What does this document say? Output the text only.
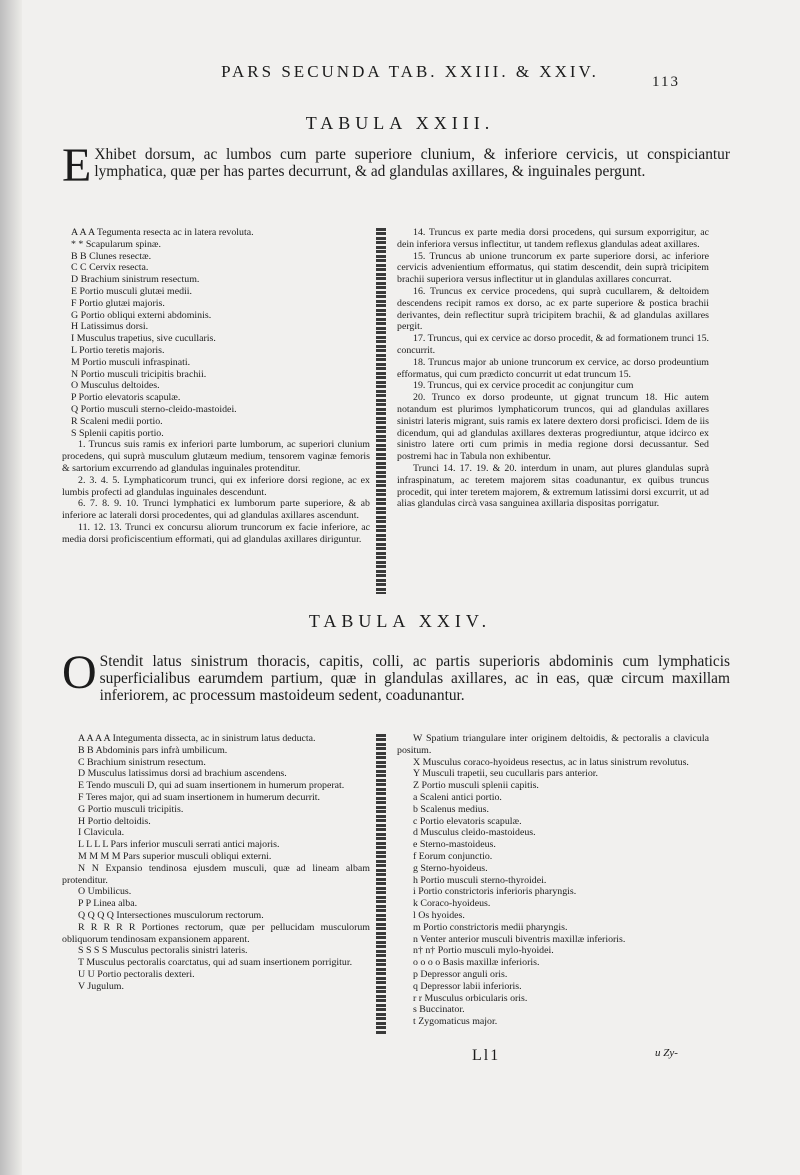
PARS SECUNDA TAB. XXIII. & XXIV.
113
TABULA XXIII.
E Xhibet dorsum, ac lumbos cum parte superiore clunium, & inferiore cervicis, ut conspiciantur lymphatica, quæ per has partes decurrunt, & ad glandulas axillares, & inguinales pergunt.

A A A Tegumenta resecta ac in latera revoluta.

* * Scapularum spinæ.

B B Clunes resectæ.

C C Cervix resecta.

D Brachium sinistrum resectum.

E Portio musculi glutæi medii.

F Portio glutæi majoris.

G Portio obliqui externi abdominis.

H Latissimus dorsi.

I Musculus trapetius, sive cucullaris.

L Portio teretis majoris.

M Portio musculi infraspinati.

N Portio musculi tricipitis brachii.

O Musculus deltoides.

P Portio elevatoris scapulæ.

Q Portio musculi sterno-cleido-mastoidei.

R Scaleni medii portio.

S Splenii capitis portio.

1. Truncus suis ramis ex inferiori parte lumborum, ac superiori clunium procedens, qui suprà musculum glutæum medium, tensorem vaginæ femoris & sartorium excurrendo ad glandulas inguinales protenditur.

2. 3. 4. 5. Lymphaticorum trunci, qui ex inferiore dorsi regione, ac ex lumbis profecti ad glandulas inguinales descendunt.

6. 7. 8. 9. 10. Trunci lymphatici ex lumborum parte superiore, & ab inferiore ac laterali dorsi procedentes, qui ad glandulas axillares ascendunt.

11. 12. 13. Trunci ex concursu aliorum truncorum ex facie inferiore, ac media dorsi proficiscentium efformati, qui ad glandulas axillares diriguntur.

14. Truncus ex parte media dorsi procedens, qui sursum exporrigitur, ac dein inferiora versus inflectitur, ut tandem reflexus glandulas adeat axillares.

15. Truncus ab unione truncorum ex parte superiore dorsi, ac inferiore cervicis advenientium efformatus, qui statim descendit, dein suprà tricipitem brachii superiora versus inflectitur ut in glandulas axillares concurrat.

16. Truncus ex cervice procedens, qui suprà cucullarem, & deltoidem descendens recipit ramos ex dorso, ac ex parte superiore & postica brachii derivantes, dein reflectitur suprà tricipitem brachii, & ad glandulas axillares pergit.

17. Truncus, qui ex cervice ac dorso procedit, & ad formationem trunci 15. concurrit.

18. Truncus major ab unione truncorum ex cervice, ac dorso prodeuntium efformatus, qui cum prædicto concurrit ut edat truncum 15.

19. Truncus, qui ex cervice procedit ac conjungitur cum

20. Trunco ex dorso prodeunte, ut gignat truncum 18. Hic autem notandum est plurimos lymphaticorum truncos, qui ad glandulas axillares sinistri lateris migrant, suis ramis ex latere dextero dorsi proficisci. Idem de iis dicendum, qui ad glandulas axillares dexteras progrediuntur, atque idcirco ex sinistro latere orti cum primis in media regione dorsi decussantur. Sed postremi hac in Tabula non exhibentur.

Trunci 14. 17. 19. & 20. interdum in unam, aut plures glandulas suprà infraspinatum, ac teretem majorem sitas coadunantur, ex quibus truncus procedit, qui inter teretem majorem, & extremum latissimi dorsi excurrit, ut ad alias glandulas circà vasa sanguinea axillaria dispositas porrigatur.

TABULA XXIV.
O Stendit latus sinistrum thoracis, capitis, colli, ac partis superioris abdominis cum lymphaticis superficialibus earumdem partium, quæ in glandulas axillares, ac in eas, quæ circum maxillam inferiorem, ac processum mastoideum sedent, coadunantur.

A A A A Integumenta dissecta, ac in sinistrum latus deducta.

B B Abdominis pars infrà umbilicum.

C Brachium sinistrum resectum.

D Musculus latissimus dorsi ad brachium ascendens.

E Tendo musculi D, qui ad suam insertionem in humerum properat.

F Teres major, qui ad suam insertionem in humerum decurrit.

G Portio musculi tricipitis.

H Portio deltoidis.

I Clavicula.

L L L L Pars inferior musculi serrati antici majoris.

M M M M Pars superior musculi obliqui externi.

N N Expansio tendinosa ejusdem musculi, quæ ad lineam albam protenditur.

O Umbilicus.

P P Linea alba.

Q Q Q Q Intersectiones musculorum rectorum.

R R R R R Portiones rectorum, quæ per pellucidam musculorum obliquorum tendinosam expansionem apparent.

S S S S Musculus pectoralis sinistri lateris.

T Musculus pectoralis coarctatus, qui ad suam insertionem porrigitur.

U U Portio pectoralis dexteri.

V Jugulum.

W Spatium triangulare inter originem deltoidis, & pectoralis a clavicula positum.

X Musculus coraco-hyoideus resectus, ac in latus sinistrum revolutus.

Y Musculi trapetii, seu cucullaris pars anterior.

Z Portio musculi splenii capitis.

a Scaleni antici portio.

b Scalenus medius.

c Portio elevatoris scapulæ.

d Musculus cleido-mastoideus.

e Sterno-mastoideus.

f Eorum conjunctio.

g Sterno-hyoideus.

h Portio musculi sterno-thyroidei.

i Portio constrictoris inferioris pharyngis.

k Coraco-hyoideus.

l Os hyoides.

m Portio constrictoris medii pharyngis.

n Venter anterior musculi biventris maxillæ inferioris.

n† n† Portio musculi mylo-hyoidei.

o o o o Basis maxillæ inferioris.

p Depressor anguli oris.

q Depressor labii inferioris.

r r Musculus orbicularis oris.

s Buccinator.

t Zygomaticus major.

Ll1	u Zy-
